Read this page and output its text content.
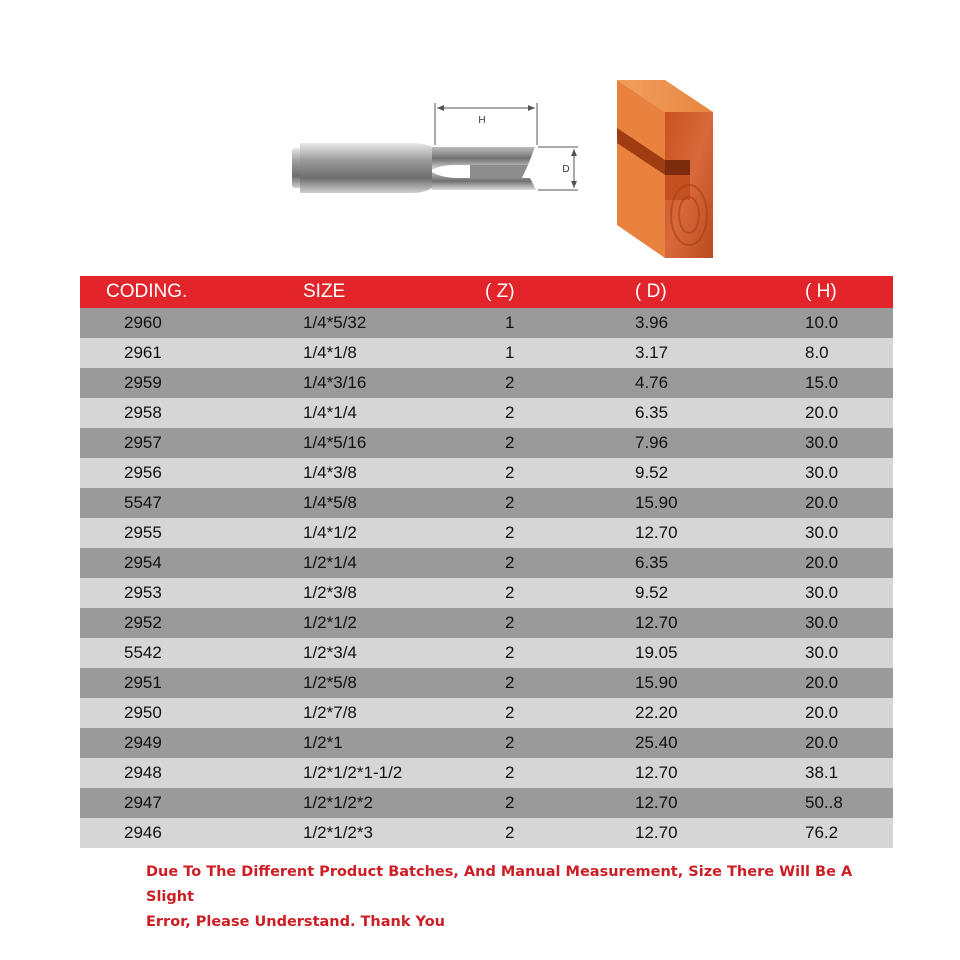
H
D
CODING.	SIZE	( Z)	( D)	( H)
2960	1/4*5/32	1	3.96	10.0
2961	1/4*1/8	1	3.17	8.0
2959	1/4*3/16	2	4.76	15.0
2958	1/4*1/4	2	6.35	20.0
2957	1/4*5/16	2	7.96	30.0
2956	1/4*3/8	2	9.52	30.0
5547	1/4*5/8	2	15.90	20.0
2955	1/4*1/2	2	12.70	30.0
2954	1/2*1/4	2	6.35	20.0
2953	1/2*3/8	2	9.52	30.0
2952	1/2*1/2	2	12.70	30.0
5542	1/2*3/4	2	19.05	30.0
2951	1/2*5/8	2	15.90	20.0
2950	1/2*7/8	2	22.20	20.0
2949	1/2*1	2	25.40	20.0
2948	1/2*1/2*1-1/2	2	12.70	38.1
2947	1/2*1/2*2	2	12.70	50..8
2946	1/2*1/2*3	2	12.70	76.2
Due To The Different Product Batches, And Manual Measurement, Size There Will Be A Slight
Error, Please Understand. Thank You
